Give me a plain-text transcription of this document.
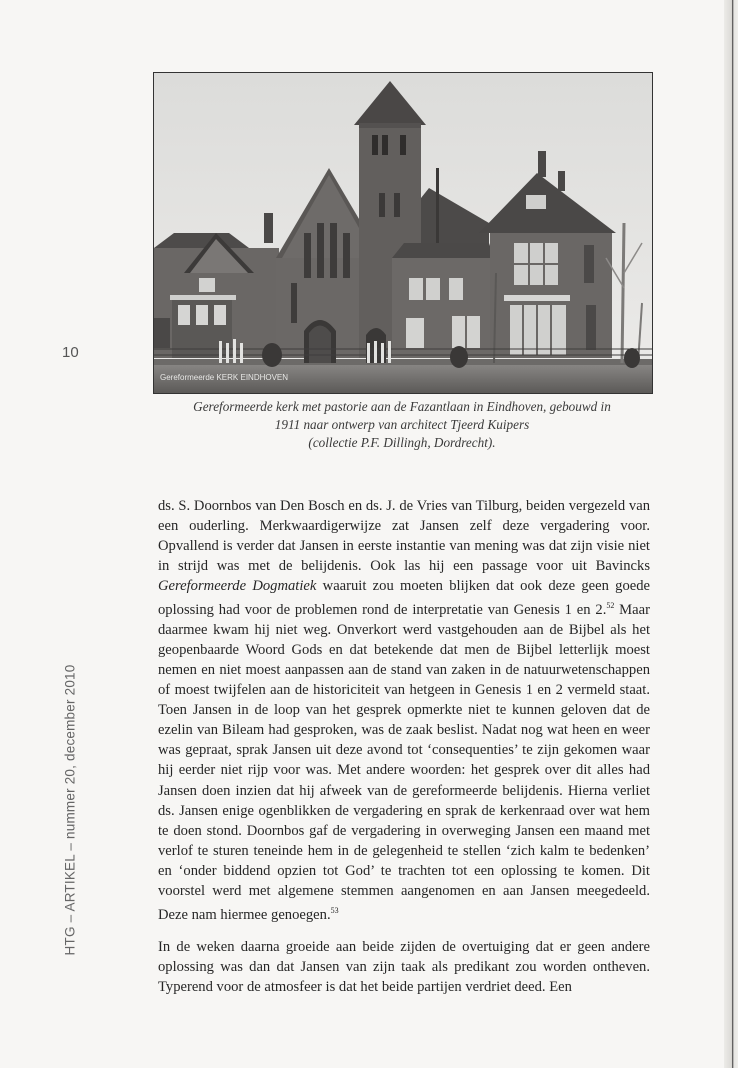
10
HTG – ARTIKEL – nummer 20, december 2010
Gereformeerde KERK EINDHOVEN
Gereformeerde kerk met pastorie aan de Fazantlaan in Eindhoven, gebouwd in
1911 naar ontwerp van architect Tjeerd Kuipers
(collectie P.F. Dillingh, Dordrecht).

ds. S. Doornbos van Den Bosch en ds. J. de Vries van Tilburg, beiden vergezeld van een ouderling. Merkwaardigerwijze zat Jansen zelf deze vergadering voor. Opvallend is verder dat Jansen in eerste instantie van mening was dat zijn visie niet in strijd was met de belijdenis. Ook las hij een passage voor uit Bavincks Gereformeerde Dogmatiek waaruit zou moeten blijken dat ook deze geen goede oplossing had voor de problemen rond de interpretatie van Genesis 1 en 2.52 Maar daarmee kwam hij niet weg. Onverkort werd vastgehouden aan de Bijbel als het geopenbaarde Woord Gods en dat betekende dat men de Bijbel letterlijk moest nemen en niet moest aanpassen aan de stand van zaken in de natuurwetenschappen of moest twijfelen aan de historiciteit van hetgeen in Genesis 1 en 2 vermeld staat. Toen Jansen in de loop van het gesprek opmerkte niet te kunnen geloven dat de ezelin van Bileam had gesproken, was de zaak beslist. Nadat nog wat heen en weer was gepraat, sprak Jansen uit deze avond tot ‘consequenties’ te zijn gekomen waar hij eerder niet rijp voor was. Met andere woorden: het gesprek over dit alles had Jansen doen inzien dat hij afweek van de gereformeerde belijdenis. Hierna verliet ds. Jansen enige ogenblikken de vergadering en sprak de kerkenraad over wat hem te doen stond. Doornbos gaf de vergadering in overweging Jansen een maand met verlof te sturen teneinde hem in de gelegenheid te stellen ‘zich kalm te bedenken’ en ‘onder biddend opzien tot God’ te trachten tot een oplossing te komen. Dit voorstel werd met algemene stemmen aangenomen en aan Jansen meegedeeld. Deze nam hiermee genoegen.$^{53}$

In de weken daarna groeide aan beide zijden de overtuiging dat er geen andere oplossing was dan dat Jansen van zijn taak als predikant zou worden ontheven. Typerend voor de atmosfeer is dat het beide partijen verdriet deed. Een
